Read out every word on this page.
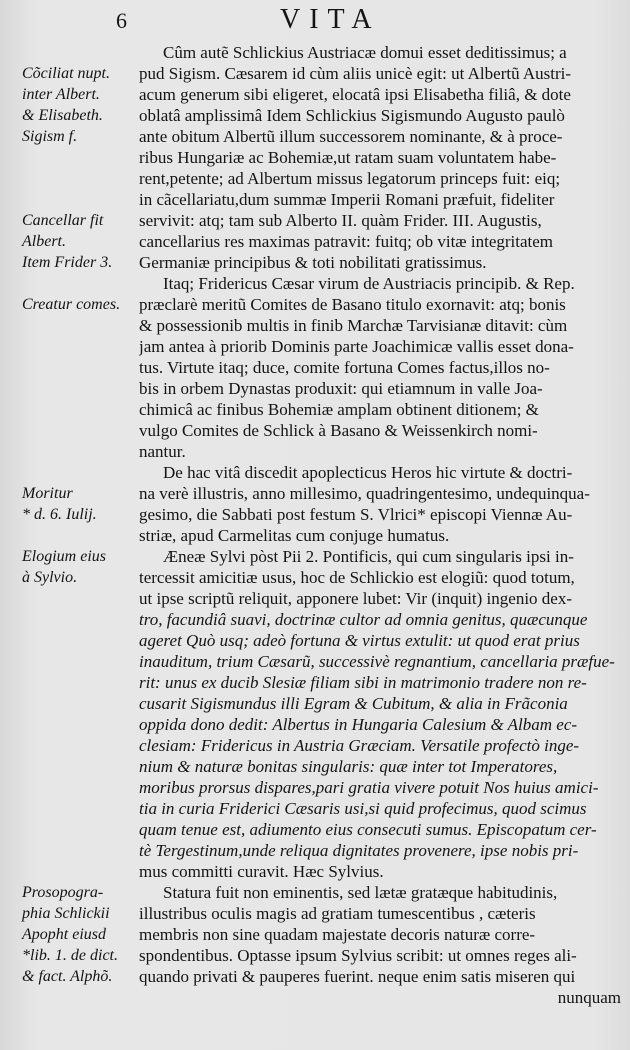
6	VITA
Cûm autẽ Schlickius Austriacæ domui esset deditissimus; a
pud Sigism. Cæsarem id cùm aliis unicè egit: ut Albertũ Austri-
acum generum sibi eligeret, elocatâ ipsi Elisabetha filiâ, & dote
oblatâ amplissimâ Idem Schlickius Sigismundo Augusto paulò
ante obitum Albertũ illum successorem nominante, & à proce-
ribus Hungariæ ac Bohemiæ,ut ratam suam voluntatem habe-
rent,petente; ad Albertum missus legatorum princeps fuit: eiq;
in cãcellariatu,dum summæ Imperii Romani præfuit, fideliter
servivit: atq; tam sub Alberto II. quàm Frider. III. Augustis,
cancellarius res maximas patravit: fuitq; ob vitæ integritatem
Germaniæ principibus & toti nobilitati gratissimus.
Itaq; Fridericus Cæsar virum de Austriacis principib. & Rep.
præclarè meritũ Comites de Basano titulo exornavit: atq; bonis
& possessionib multis in finib Marchæ Tarvisianæ ditavit: cùm
jam antea à priorib Dominis parte Joachimicæ vallis esset dona-
tus. Virtute itaq; duce, comite fortuna Comes factus,illos no-
bis in orbem Dynastas produxit: qui etiamnum in valle Joa-
chimicâ ac finibus Bohemiæ amplam obtinent ditionem; &
vulgo Comites de Schlick à Basano & Weissenkirch nomi-
nantur.
De hac vitâ discedit apoplecticus Heros hic virtute & doctri-
na verè illustris, anno millesimo, quadringentesimo, undequinqua-
gesimo, die Sabbati post festum S. Vlrici* episcopi Viennæ Au-
striæ, apud Carmelitas cum conjuge humatus.
Æneæ Sylvi pòst Pii 2. Pontificis, qui cum singularis ipsi in-
tercessit amicitiæ usus, hoc de Schlickio est elogiũ: quod totum,
ut ipse scriptũ reliquit, apponere lubet: Vir (inquit) ingenio dex-
tro, facundiâ suavi, doctrinæ cultor ad omnia genitus, quæcunque
ageret Quò usq; adeò fortuna & virtus extulit: ut quod erat prius
inauditum, trium Cæsarũ, successivè regnantium, cancellaria præfue-
rit: unus ex ducib Slesiæ filiam sibi in matrimonio tradere non re-
cusarit Sigismundus illi Egram & Cubitum, & alia in Frãconia
oppida dono dedit: Albertus in Hungaria Calesium & Albam ec-
clesiam: Fridericus in Austria Græciam. Versatile profectò inge-
nium & naturæ bonitas singularis: quæ inter tot Imperatores,
moribus prorsus dispares,pari gratia vivere potuit Nos huius amici-
tia in curia Friderici Cæsaris usi,si quid profecimus, quod scimus
quam tenue est, adiumento eius consecuti sumus. Episcopatum cer-
tè Tergestinum,unde reliqua dignitates provenere, ipse nobis pri-
mus committi curavit. Hæc Sylvius.
Statura fuit non eminentis, sed lætæ gratæque habitudinis,
illustribus oculis magis ad gratiam tumescentibus , cæteris
membris non sine quadam majestate decoris naturæ corre-
spondentibus. Optasse ipsum Sylvius scribit: ut omnes reges ali-
quando privati & pauperes fuerint. neque enim satis miseren qui
nunquam
Cõciliat nupt.
inter Albert.
& Elisabeth.
Sigism f.
Cancellar fit
Albert.
Item Frider 3.
Creatur comes.
Moritur
* d. 6. Iulij.
Elogium eius
à Sylvio.
Prosopogra-
phia Schlickii
Apopht eiusd
*lib. 1. de dict.
& fact. Alphõ.
